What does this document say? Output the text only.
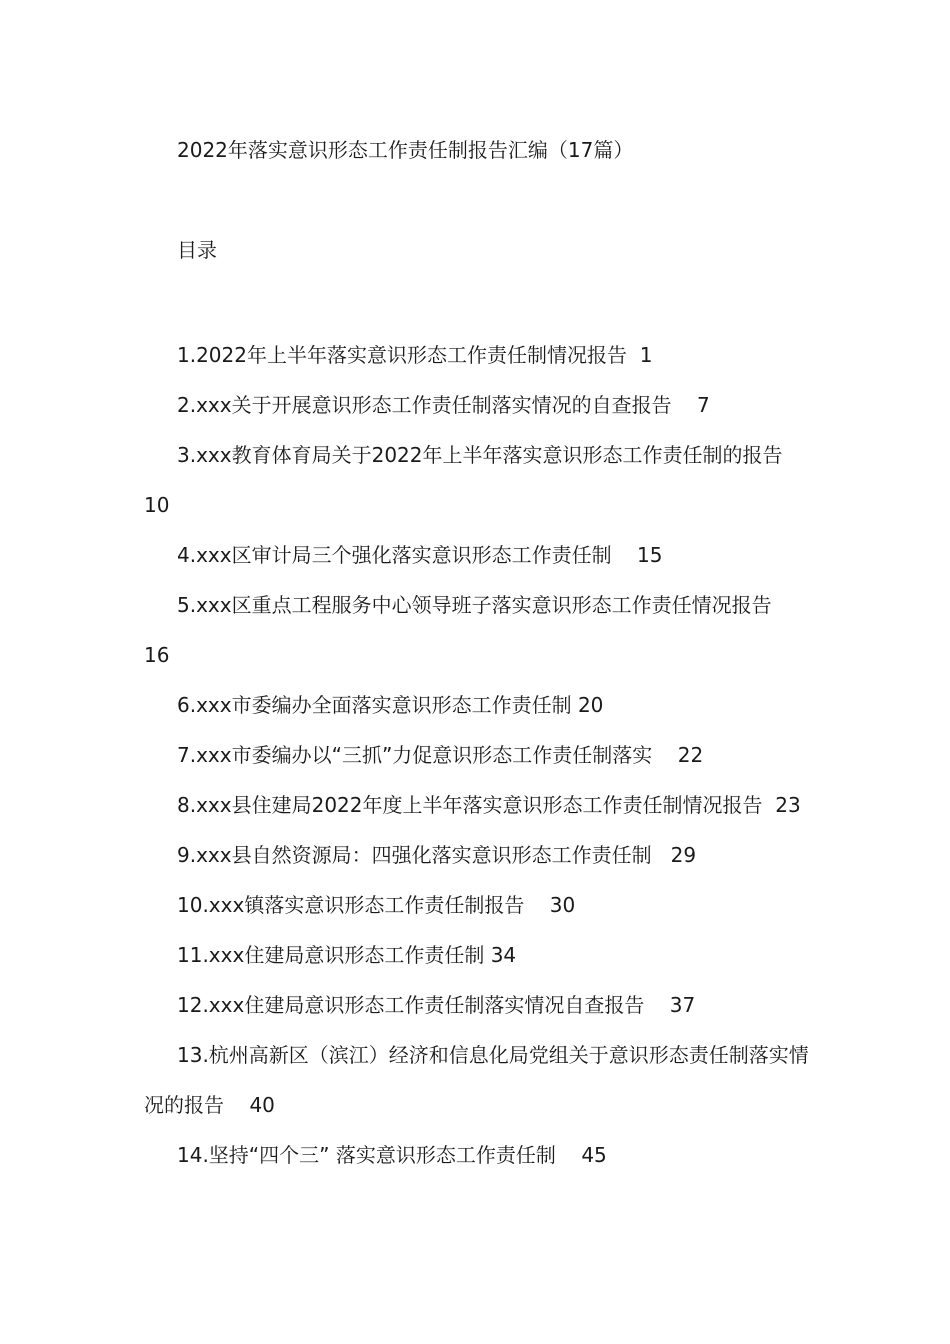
2022年落实意识形态工作责任制报告汇编（17篇）
目录
1.2022年上半年落实意识形态工作责任制情况报告 1
2.xxx关于开展意识形态工作责任制落实情况的自查报告 7
3.xxx教育体育局关于2022年上半年落实意识形态工作责任制的报告    10
4.xxx区审计局三个强化落实意识形态工作责任制 15
5.xxx区重点工程服务中心领导班子落实意识形态工作责任情况报告    16
6.xxx市委编办全面落实意识形态工作责任制 20
7.xxx市委编办以“三抓”力促意识形态工作责任制落实 22
8.xxx县住建局2022年度上半年落实意识形态工作责任制情况报告 23
9.xxx县自然资源局：四强化落实意识形态工作责任制 29
10.xxx镇落实意识形态工作责任制报告 30
11.xxx住建局意识形态工作责任制 34
12.xxx住建局意识形态工作责任制落实情况自查报告 37
13.杭州高新区（滨江）经济和信息化局党组关于意识形态责任制落实情况的报告 40
14.坚持“四个三” 落实意识形态工作责任制 45
